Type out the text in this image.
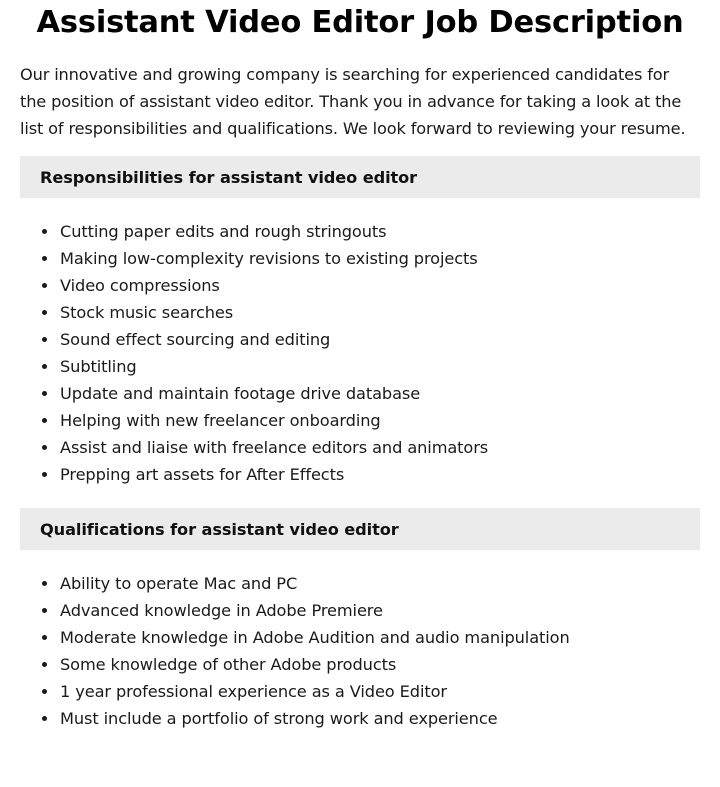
Assistant Video Editor Job Description

Our innovative and growing company is searching for experienced candidates for the position of assistant video editor. Thank you in advance for taking a look at the list of responsibilities and qualifications. We look forward to reviewing your resume.

Responsibilities for assistant video editor
Cutting paper edits and rough stringouts
Making low-complexity revisions to existing projects
Video compressions
Stock music searches
Sound effect sourcing and editing
Subtitling
Update and maintain footage drive database
Helping with new freelancer onboarding
Assist and liaise with freelance editors and animators
Prepping art assets for After Effects
Qualifications for assistant video editor
Ability to operate Mac and PC
Advanced knowledge in Adobe Premiere
Moderate knowledge in Adobe Audition and audio manipulation
Some knowledge of other Adobe products
1 year professional experience as a Video Editor
Must include a portfolio of strong work and experience
